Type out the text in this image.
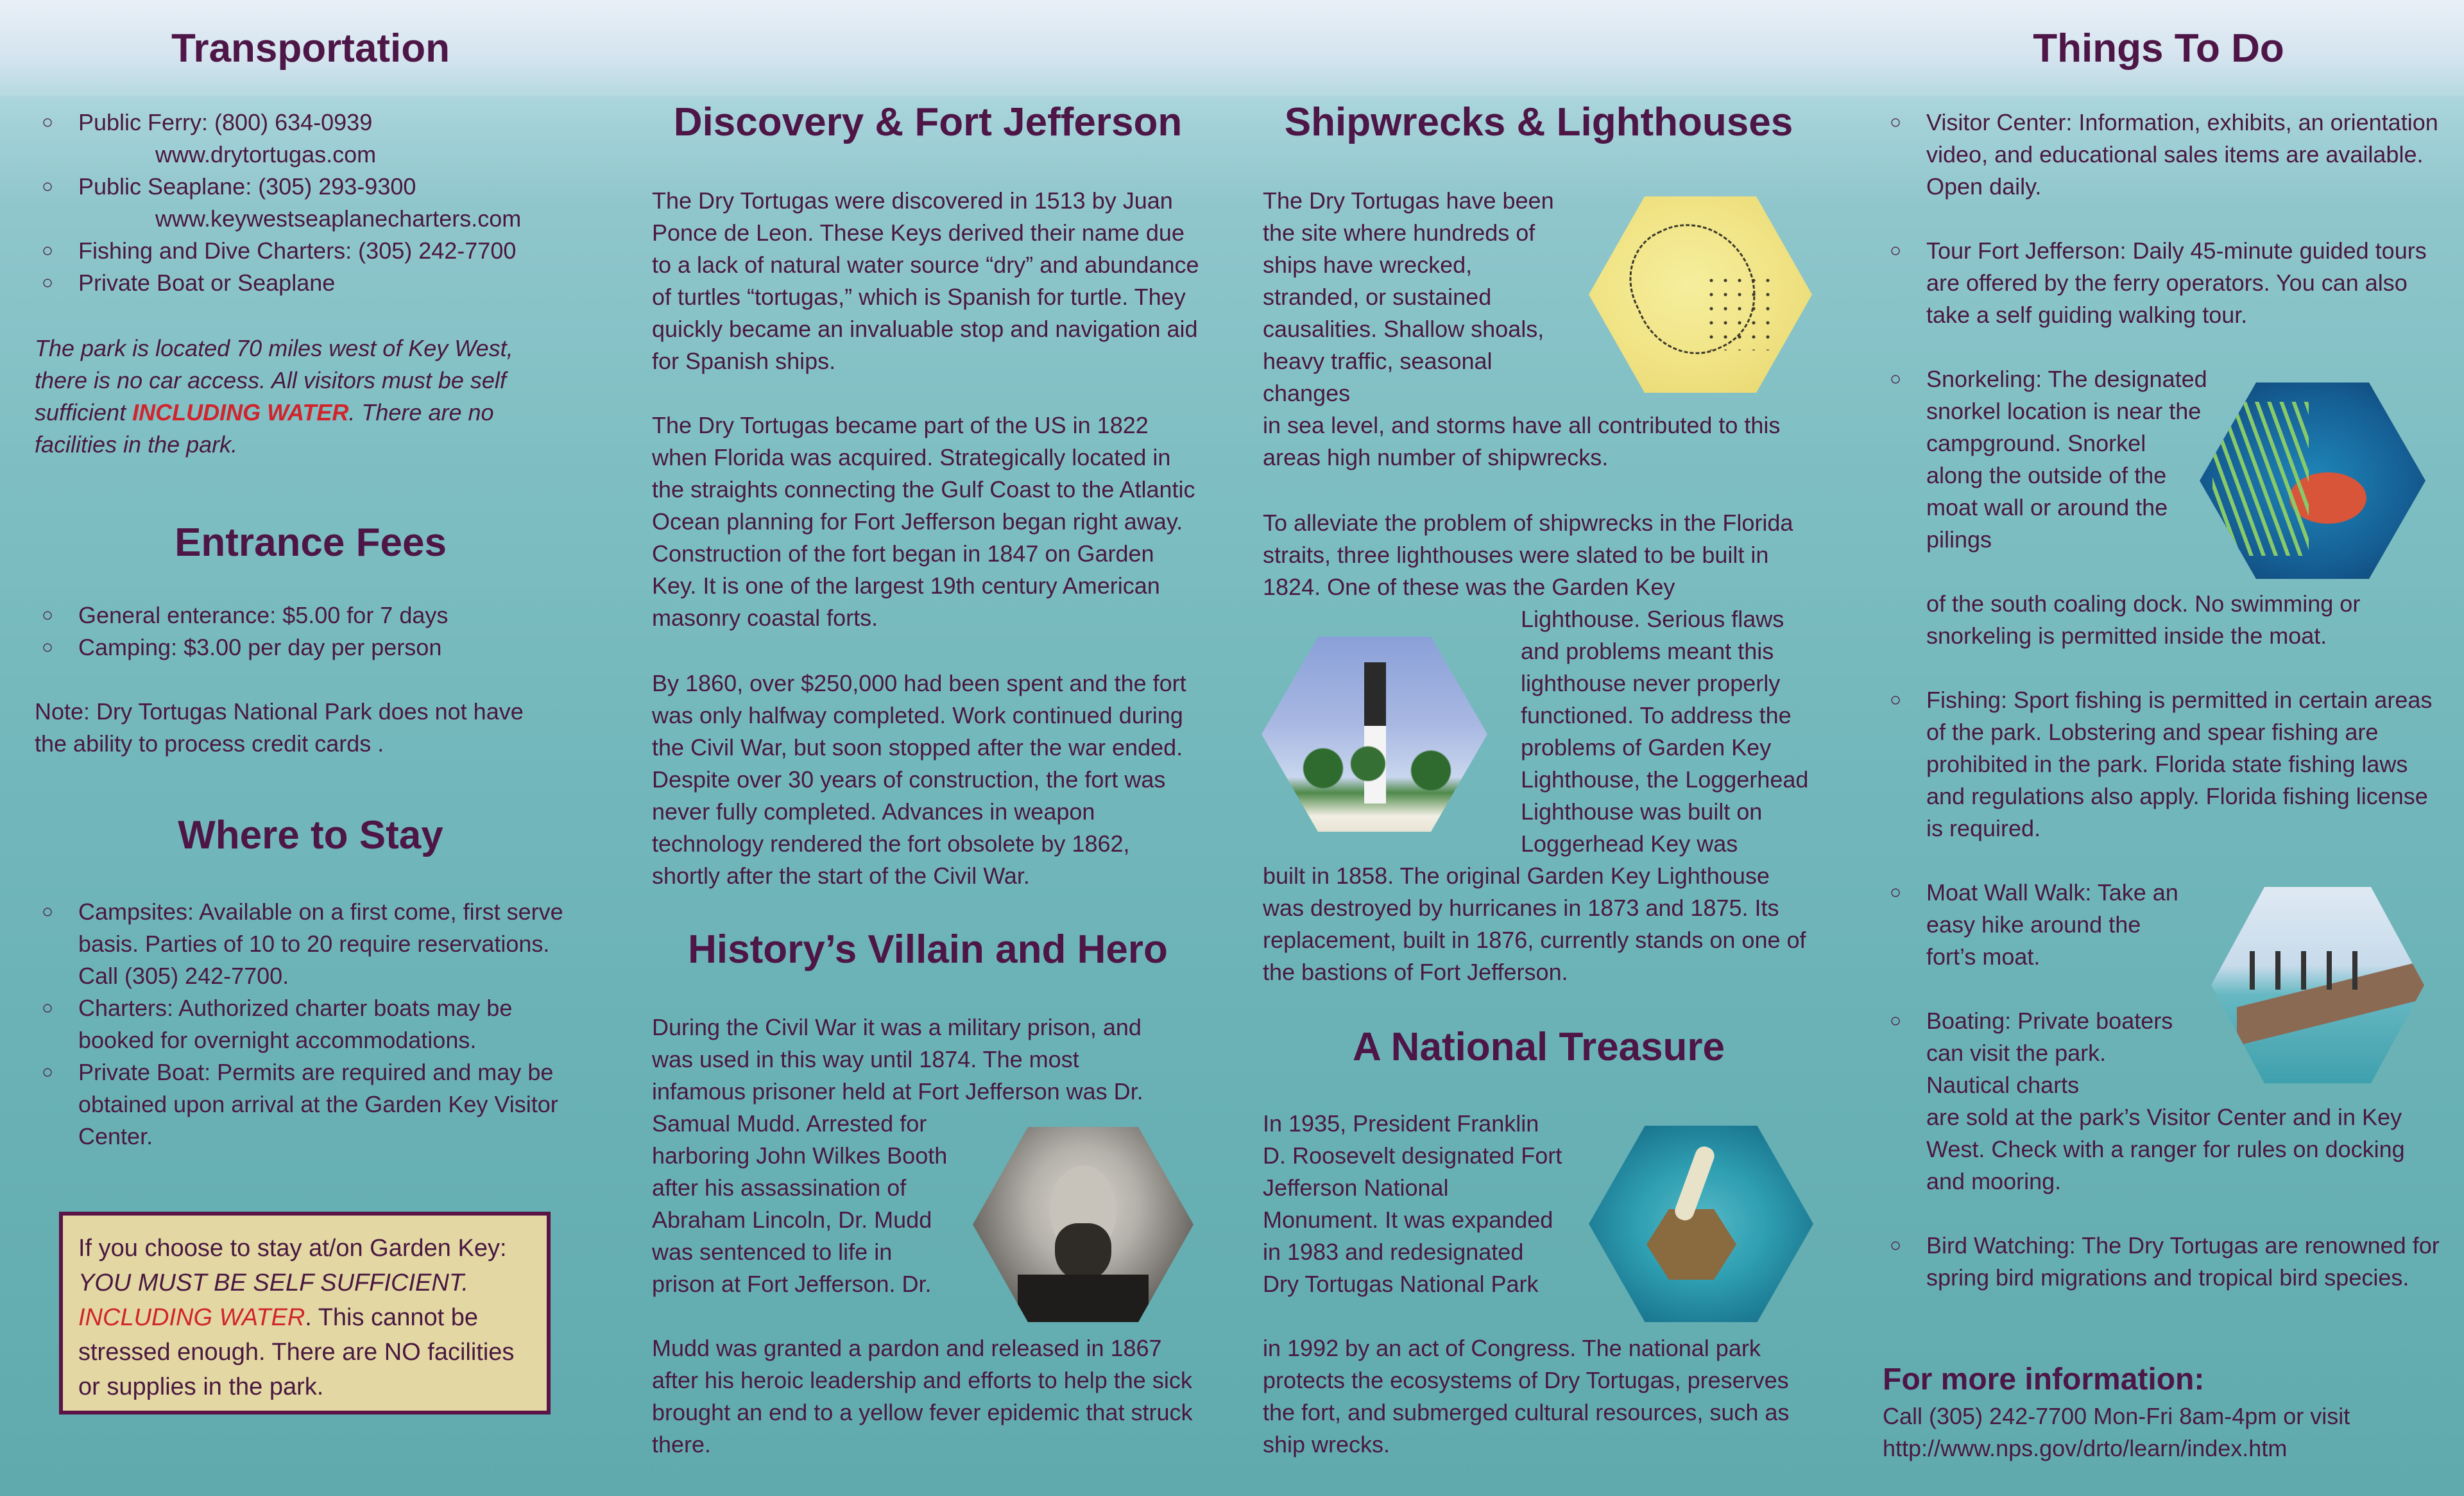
Transportation
○	Public Ferry: (800) 634-0939
www.drytortugas.com
○	Public Seaplane: (305) 293-9300
www.keywestseaplanecharters.com
○	Fishing and Dive Charters: (305) 242-7700
○	Private Boat or Seaplane

The park is located 70 miles west of Key West, there is no car access. All visitors must be self sufficient INCLUDING WATER. There are no facilities in the park.

Entrance Fees
○	General enterance: $5.00 for 7 days
○	Camping: $3.00 per day per person

Note: Dry Tortugas National Park does not have the ability to process credit cards .

Where to Stay
○	Campsites: Available on a first come, first serve basis. Parties of 10 to 20 require reservations. Call (305) 242-7700.
○	Charters: Authorized charter boats may be booked for overnight accommodations.
○	Private Boat: Permits are required and may be obtained upon arrival at the Garden Key Visitor Center.

If you choose to stay at/on Garden Key: YOU MUST BE SELF SUFFICIENT.
INCLUDING WATER. This cannot be stressed enough. There are NO facilities or supplies in the park.

Discovery & Fort Jefferson

The Dry Tortugas were discovered in 1513 by Juan Ponce de Leon. These Keys derived their name due to a lack of natural water source “dry” and abundance of turtles “tortugas,” which is Spanish for turtle. They quickly became an invaluable stop and navigation aid for Spanish ships.

The Dry Tortugas became part of the US in 1822 when Florida was acquired. Strategically located in the straights connecting the Gulf Coast to the Atlantic Ocean planning for Fort Jefferson began right away. Construction of the fort began in 1847 on Garden Key. It is one of the largest 19th century American masonry coastal forts.

By 1860, over $250,000 had been spent and the fort was only halfway completed. Work continued during the Civil War, but soon stopped after the war ended. Despite over 30 years of construction, the fort was never fully completed. Advances in weapon technology rendered the fort obsolete by 1862, shortly after the start of the Civil War.

History’s Villain and Hero

During the Civil War it was a military prison, and was used in this way until 1874. The most infamous prisoner held at Fort Jefferson was Dr.

Samual Mudd. Arrested for harboring John Wilkes Booth after his assassination of Abraham Lincoln, Dr. Mudd was sentenced to life in prison at Fort Jefferson. Dr.

Mudd was granted a pardon and released in 1867 after his heroic leadership and efforts to help the sick brought an end to a yellow fever epidemic that struck there.

Shipwrecks & Lighthouses

The Dry Tortugas have been the site where hundreds of ships have wrecked, stranded, or sustained causalities. Shallow shoals, heavy traffic, seasonal changes

in sea level, and storms have all contributed to this areas high number of shipwrecks.

To alleviate the problem of shipwrecks in the Florida straits, three lighthouses were slated to be built in 1824. One of these was the Garden Key

Lighthouse. Serious flaws and problems meant this lighthouse never properly functioned. To address the problems of Garden Key Lighthouse, the Loggerhead Lighthouse was built on Loggerhead Key was

built in 1858. The original Garden Key Lighthouse was destroyed by hurricanes in 1873 and 1875. Its replacement, built in 1876, currently stands on one of the bastions of Fort Jefferson.

A National Treasure

In 1935, President Franklin D. Roosevelt designated Fort Jefferson National Monument. It was expanded in 1983 and redesignated Dry Tortugas National Park

in 1992 by an act of Congress. The national park protects the ecosystems of Dry Tortugas, preserves the fort, and submerged cultural resources, such as ship wrecks.

Things To Do
○	Visitor Center: Information, exhibits, an orientation video, and educational sales items are available. Open daily.
○	Tour Fort Jefferson: Daily 45-minute guided tours are offered by the ferry operators. You can also take a self guiding walking tour.
○	Snorkeling: The designated snorkel location is near the campground. Snorkel along the outside of the moat wall or around the pilings
of the south coaling dock. No swimming or snorkeling is permitted inside the moat.
○	Fishing: Sport fishing is permitted in certain areas of the park. Lobstering and spear fishing are prohibited in the park. Florida state fishing laws and regulations also apply. Florida fishing license is required.
○	Moat Wall Walk: Take an easy hike around the fort’s moat.
○	Boating: Private boaters can visit the park. Nautical charts
are sold at the park’s Visitor Center and in Key West. Check with a ranger for rules on docking and mooring.
○	Bird Watching: The Dry Tortugas are renowned for spring bird migrations and tropical bird species.
For more information:

Call (305) 242-7700 Mon-Fri 8am-4pm or visit

http://www.nps.gov/drto/learn/index.htm
